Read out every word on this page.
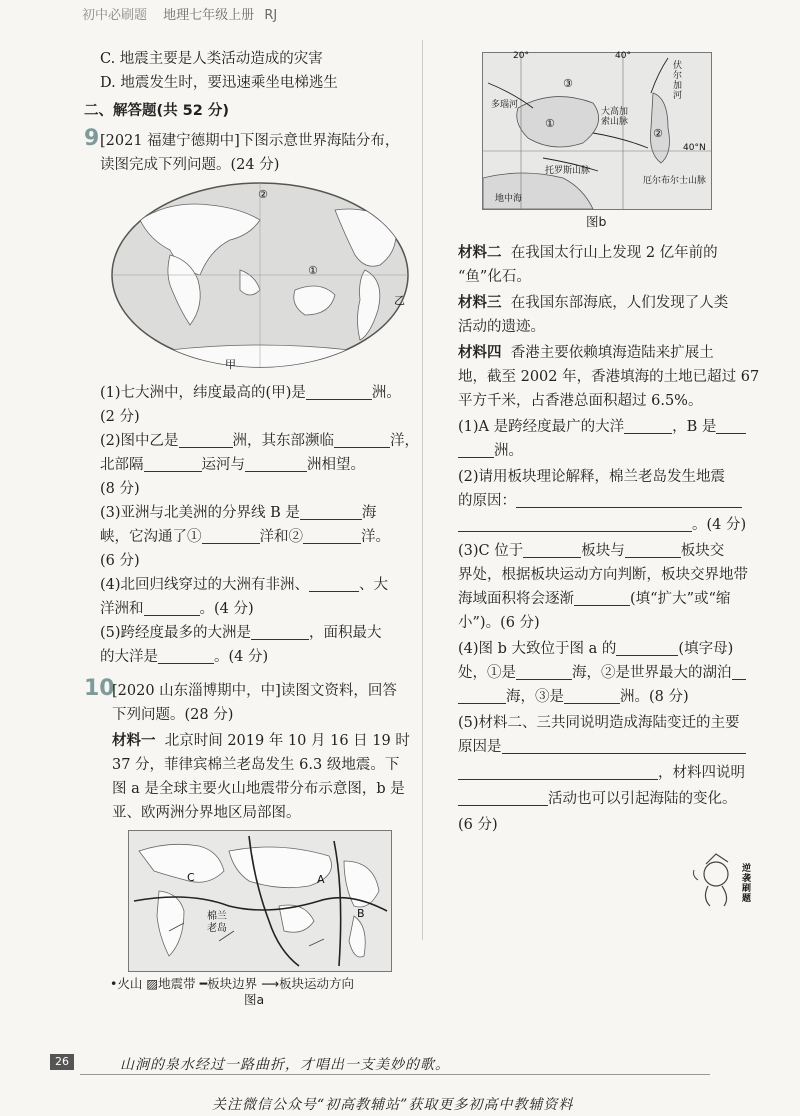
初中必刷题 地理七年级上册 RJ
C. 地震主要是人类活动造成的灾害
D. 地震发生时，要迅速乘坐电梯逃生
二、解答题(共 52 分)
9 [2021 福建宁德期中]下图示意世界海陆分布，
读图完成下列问题。(24 分)
②
①
乙
甲
(1)七大洲中，纬度最高的(甲)是	洲。
(2 分)
(2)图中乙是	洲，其东部濒临	洋，
北部隔	运河与	洲相望。
(8 分)
(3)亚洲与北美洲的分界线 B 是	海
峡，它沟通了①	洋和②	洋。
(6 分)
(4)北回归线穿过的大洲有非洲、	、大
洋洲和	。(4 分)
(5)跨经度最多的大洲是	，面积最大
的大洋是	。(4 分)
10
[2020 山东淄博期中，中]读图文资料，回答
下列问题。(28 分)
材料一 北京时间 2019 年 10 月 16 日 19 时
37 分，菲律宾棉兰老岛发生 6.3 级地震。下
图 a 是全球主要火山地震带分布示意图，b 是
亚、欧两洲分界地区局部图。
C	A
B
棉兰老岛
•火山 ▨地震带 ━板块边界 ⟶板块运动方向
图a
20°	40°
40°N
①
②
③
伏尔加河
多瑙河
大高加索山脉
厄尔布尔士山脉
托罗斯山脉
地中海
图b
材料二 在我国太行山上发现 2 亿年前的
“鱼”化石。
材料三 在我国东部海底，人们发现了人类
活动的遗迹。
材料四 香港主要依赖填海造陆来扩展土
地，截至 2002 年，香港填海的土地已超过 67
平方千米，占香港总面积超过 6.5%。
(1)A 是跨经度最广的大洋	，B 是
洲。
(2)请用板块理论解释，棉兰老岛发生地震
的原因：
。(4 分)
(3)C 位于	板块与	板块交
界处，根据板块运动方向判断，板块交界地带
海域面积将会逐渐	(填“扩大”或“缩
小”)。(6 分)
(4)图 b 大致位于图 a 的	(填字母)
处，①是	海，②是世界最大的湖泊
海，③是	洲。(8 分)
(5)材料二、三共同说明造成海陆变迁的主要
原因是
，材料四说明
活动也可以引起海陆的变化。
(6 分)
逆袭刷题
26	山涧的泉水经过一路曲折，才唱出一支美妙的歌。
关注微信公众号“初高教辅站”获取更多初高中教辅资料
